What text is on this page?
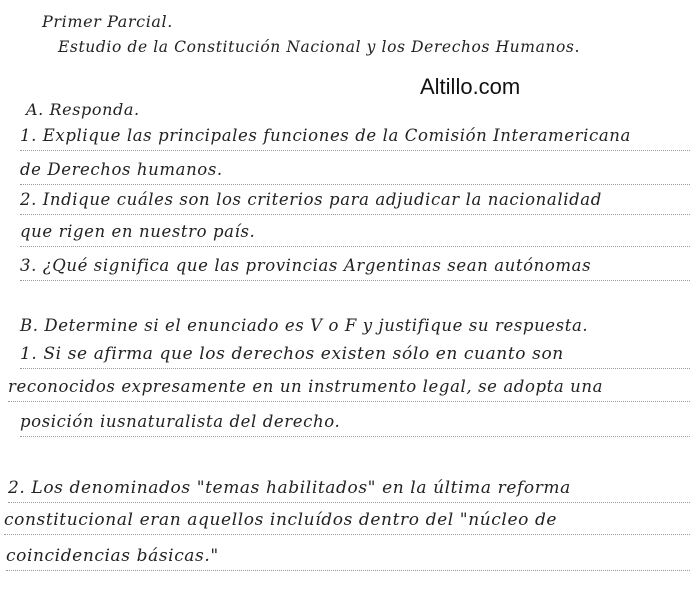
Primer Parcial.
Estudio de la Constitución Nacional y los Derechos Humanos.
Altillo.com
A. Responda.
1. Explique las principales funciones de la Comisión Interamericana
de Derechos humanos.
2. Indique cuáles son los criterios para adjudicar la nacionalidad
que rigen en nuestro país.
3. ¿Qué significa que las provincias Argentinas sean autónomas
B. Determine si el enunciado es V o F y justifique su respuesta.
1. Si se afirma que los derechos existen sólo en cuanto son
reconocidos expresamente en un instrumento legal, se adopta una
posición iusnaturalista del derecho.
2. Los denominados "temas habilitados" en la última reforma
constitucional eran aquellos incluídos dentro del "núcleo de
coincidencias básicas."
